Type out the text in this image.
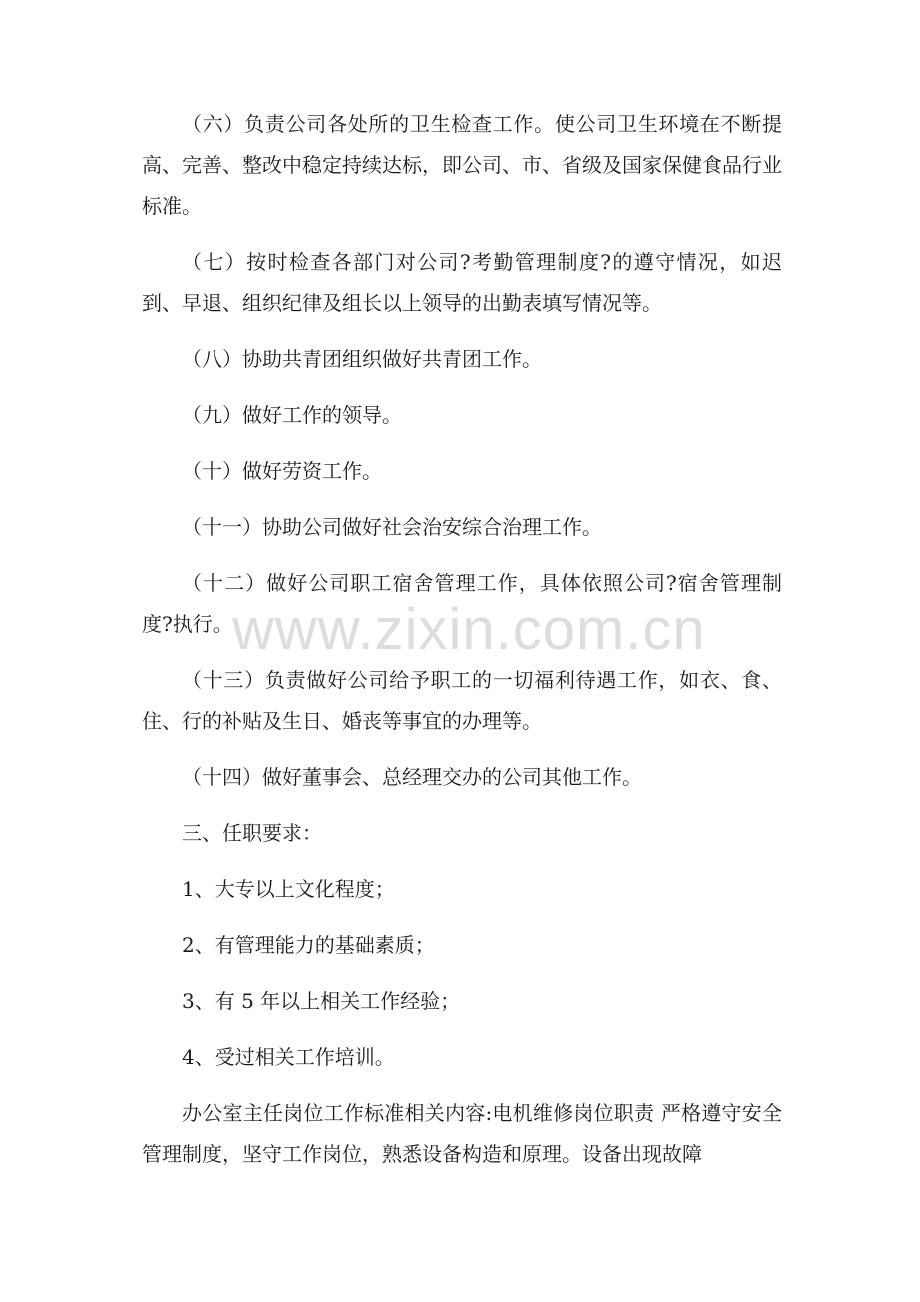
（六）负责公司各处所的卫生检查工作。使公司卫生环境在不断提高、完善、整改中稳定持续达标，即公司、市、省级及国家保健食品行业标准。

（七）按时检查各部门对公司?考勤管理制度?的遵守情况，如迟到、早退、组织纪律及组长以上领导的出勤表填写情况等。

（八）协助共青团组织做好共青团工作。

（九）做好工作的领导。

（十）做好劳资工作。

（十一）协助公司做好社会治安综合治理工作。

（十二）做好公司职工宿舍管理工作，具体依照公司?宿舍管理制度?执行。

（十三）负责做好公司给予职工的一切福利待遇工作，如衣、食、住、行的补贴及生日、婚丧等事宜的办理等。

（十四）做好董事会、总经理交办的公司其他工作。

三、任职要求：

1、大专以上文化程度；

2、有管理能力的基础素质；

3、有 5 年以上相关工作经验；

4、受过相关工作培训。

办公室主任岗位工作标准相关内容:电机维修岗位职责 严格遵守安全管理制度，坚守工作岗位，熟悉设备构造和原理。设备出现故障

www.zixin.com.cn
